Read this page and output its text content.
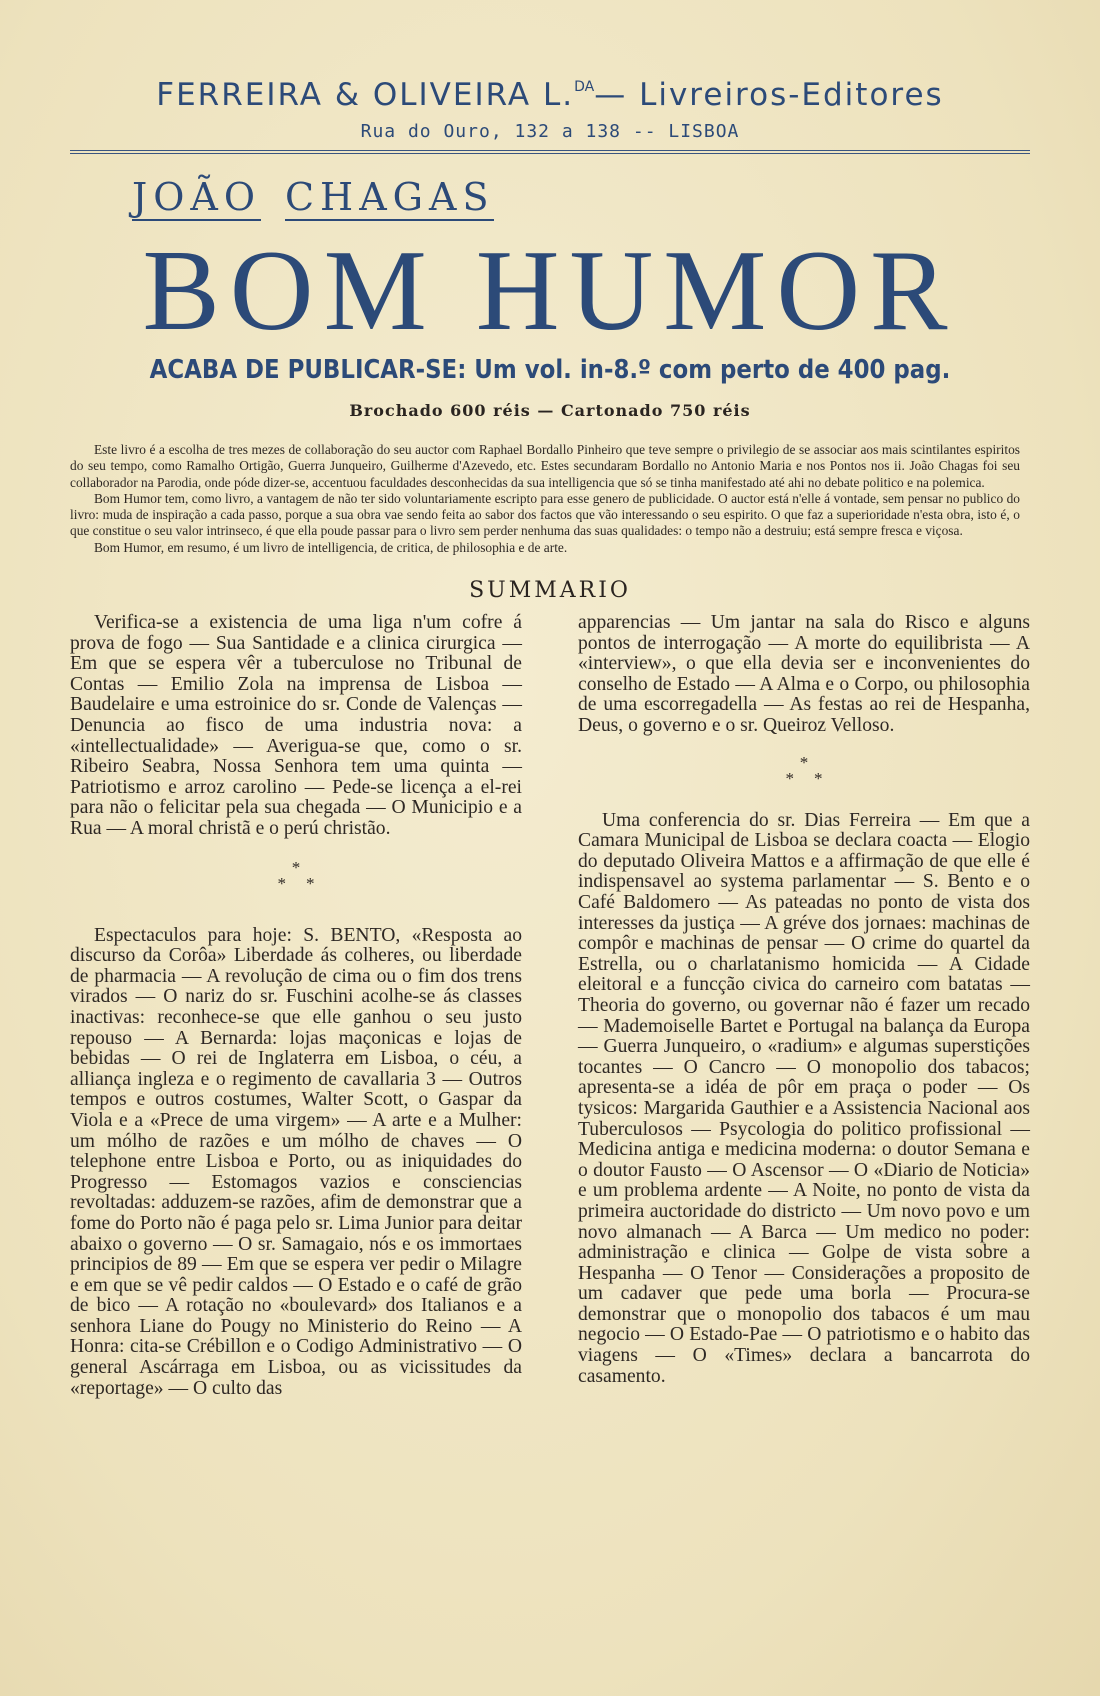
FERREIRA & OLIVEIRA L.$^{DA}$— Livreiros-Editores
Rua do Ouro, 132 a 138 -- LISBOA
JOÃO CHAGAS
BOM HUMOR
ACABA DE PUBLICAR-SE: Um vol. in-8.º com perto de 400 pag.
Brochado 600 réis — Cartonado 750 réis

Este livro é a escolha de tres mezes de collaboração do seu auctor com Raphael Bordallo Pinheiro que teve sempre o privilegio de se associar aos mais scintilantes espiritos do seu tempo, como Ramalho Ortigão, Guerra Junqueiro, Guilherme d'Azevedo, etc. Estes secundaram Bordallo no Antonio Maria e nos Pontos nos ii. João Chagas foi seu collaborador na Parodia, onde póde dizer-se, accentuou faculdades desconhecidas da sua intelligencia que só se tinha manifestado até ahi no debate politico e na polemica.

Bom Humor tem, como livro, a vantagem de não ter sido voluntariamente escripto para esse genero de publicidade. O auctor está n'elle á vontade, sem pensar no publico do livro: muda de inspiração a cada passo, porque a sua obra vae sendo feita ao sabor dos factos que vão interessando o seu espirito. O que faz a superioridade n'esta obra, isto é, o que constitue o seu valor intrinseco, é que ella poude passar para o livro sem perder nenhuma das suas qualidades: o tempo não a destruiu; está sempre fresca e viçosa.

Bom Humor, em resumo, é um livro de intelligencia, de critica, de philosophia e de arte.

SUMMARIO

Verifica-se a existencia de uma liga n'um cofre á prova de fogo — Sua Santidade e a clinica cirurgica — Em que se espera vêr a tuberculose no Tribunal de Contas — Emilio Zola na imprensa de Lisboa — Baudelaire e uma estroinice do sr. Conde de Valenças — Denuncia ao fisco de uma industria nova: a «intellectualidade» — Averigua-se que, como o sr. Ribeiro Seabra, Nossa Senhora tem uma quinta — Patriotismo e arroz carolino — Pede-se licença a el-rei para não o felicitar pela sua chegada — O Municipio e a Rua — A moral christã e o perú christão.

*
**

Espectaculos para hoje: S. BENTO, «Resposta ao discurso da Corôa» Liberdade ás colheres, ou liberdade de pharmacia — A revolução de cima ou o fim dos trens virados — O nariz do sr. Fuschini acolhe-se ás classes inactivas: reconhece-se que elle ganhou o seu justo repouso — A Bernarda: lojas maçonicas e lojas de bebidas — O rei de Inglaterra em Lisboa, o céu, a alliança ingleza e o regimento de cavallaria 3 — Outros tempos e outros costumes, Walter Scott, o Gaspar da Viola e a «Prece de uma virgem» — A arte e a Mulher: um mólho de razões e um mólho de chaves — O telephone entre Lisboa e Porto, ou as iniquidades do Progresso — Estomagos vazios e consciencias revoltadas: adduzem-se razões, afim de demonstrar que a fome do Porto não é paga pelo sr. Lima Junior para deitar abaixo o governo — O sr. Samagaio, nós e os immortaes principios de 89 — Em que se espera ver pedir o Milagre e em que se vê pedir caldos — O Estado e o café de grão de bico — A rotação no «boulevard» dos Italianos e a senhora Liane do Pougy no Ministerio do Reino — A Honra: cita-se Crébillon e o Codigo Administrativo — O general Ascárraga em Lisboa, ou as vicissitudes da «reportage» — O culto das

apparencias — Um jantar na sala do Risco e alguns pontos de interrogação — A morte do equilibrista — A «interview», o que ella devia ser e inconvenientes do conselho de Estado — A Alma e o Corpo, ou philosophia de uma escorregadella — As festas ao rei de Hespanha, Deus, o governo e o sr. Queiroz Velloso.

*
**

Uma conferencia do sr. Dias Ferreira — Em que a Camara Municipal de Lisboa se declara coacta — Elogio do deputado Oliveira Mattos e a affirmação de que elle é indispensavel ao systema parlamentar — S. Bento e o Café Baldomero — As pateadas no ponto de vista dos interesses da justiça — A gréve dos jornaes: machinas de compôr e machinas de pensar — O crime do quartel da Estrella, ou o charlatanismo homicida — A Cidade eleitoral e a funcção civica do carneiro com batatas — Theoria do governo, ou governar não é fazer um recado — Mademoiselle Bartet e Portugal na balança da Europa — Guerra Junqueiro, o «radium» e algumas superstições tocantes — O Cancro — O monopolio dos tabacos; apresenta-se a idéa de pôr em praça o poder — Os tysicos: Margarida Gauthier e a Assistencia Nacional aos Tuberculosos — Psycologia do politico profissional — Medicina antiga e medicina moderna: o doutor Semana e o doutor Fausto — O Ascensor — O «Diario de Noticia» e um problema ardente — A Noite, no ponto de vista da primeira auctoridade do districto — Um novo povo e um novo almanach — A Barca — Um medico no poder: administração e clinica — Golpe de vista sobre a Hespanha — O Tenor — Considerações a proposito de um cadaver que pede uma borla — Procura-se demonstrar que o monopolio dos tabacos é um mau negocio — O Estado-Pae — O patriotismo e o habito das viagens — O «Times» declara a bancarrota do casamento.
